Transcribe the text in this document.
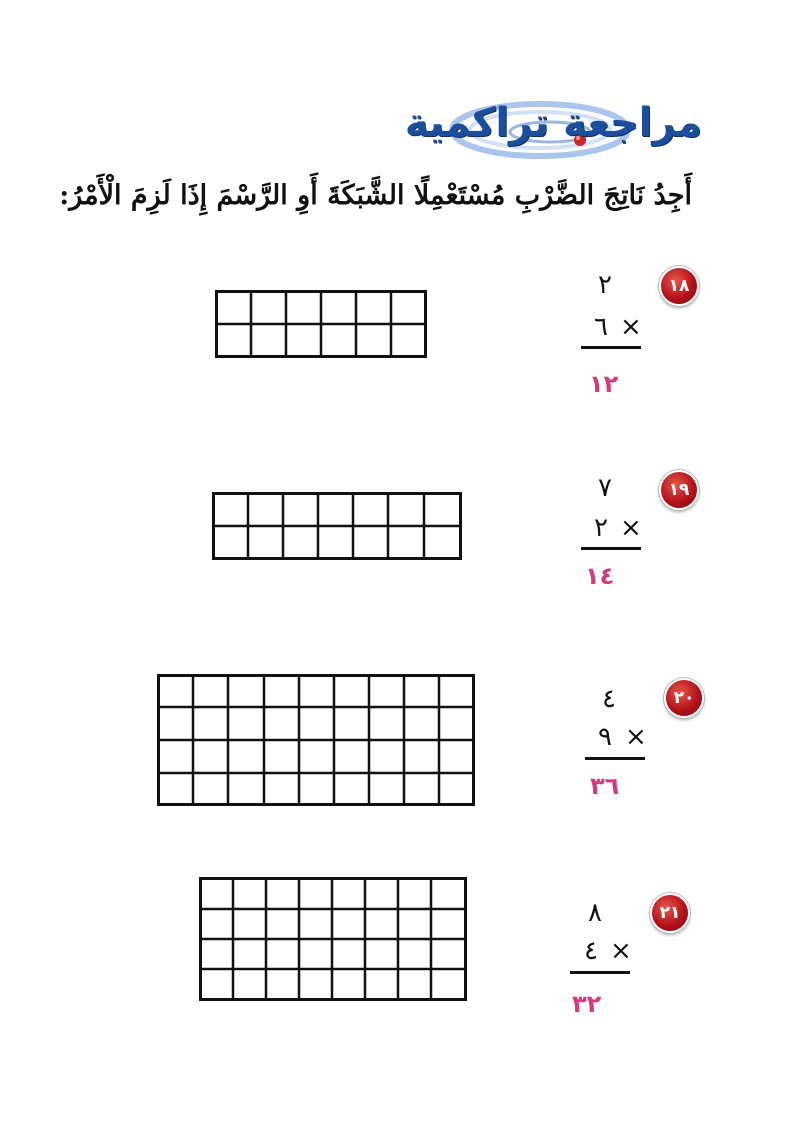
مراجعة تراكمية
أَجِدُ نَاتِجَ الضَّرْبِ مُسْتَعْمِلًا الشَّبَكَةَ أَوِ الرَّسْمَ إِذَا لَزِمَ الْأَمْرُ:
١٨
٢
٦ ×
١٢
١٩
٧
٢ ×
١٤
٢٠
٤
٩ ×
٣٦
٢١
٨
٤ ×
٣٢
